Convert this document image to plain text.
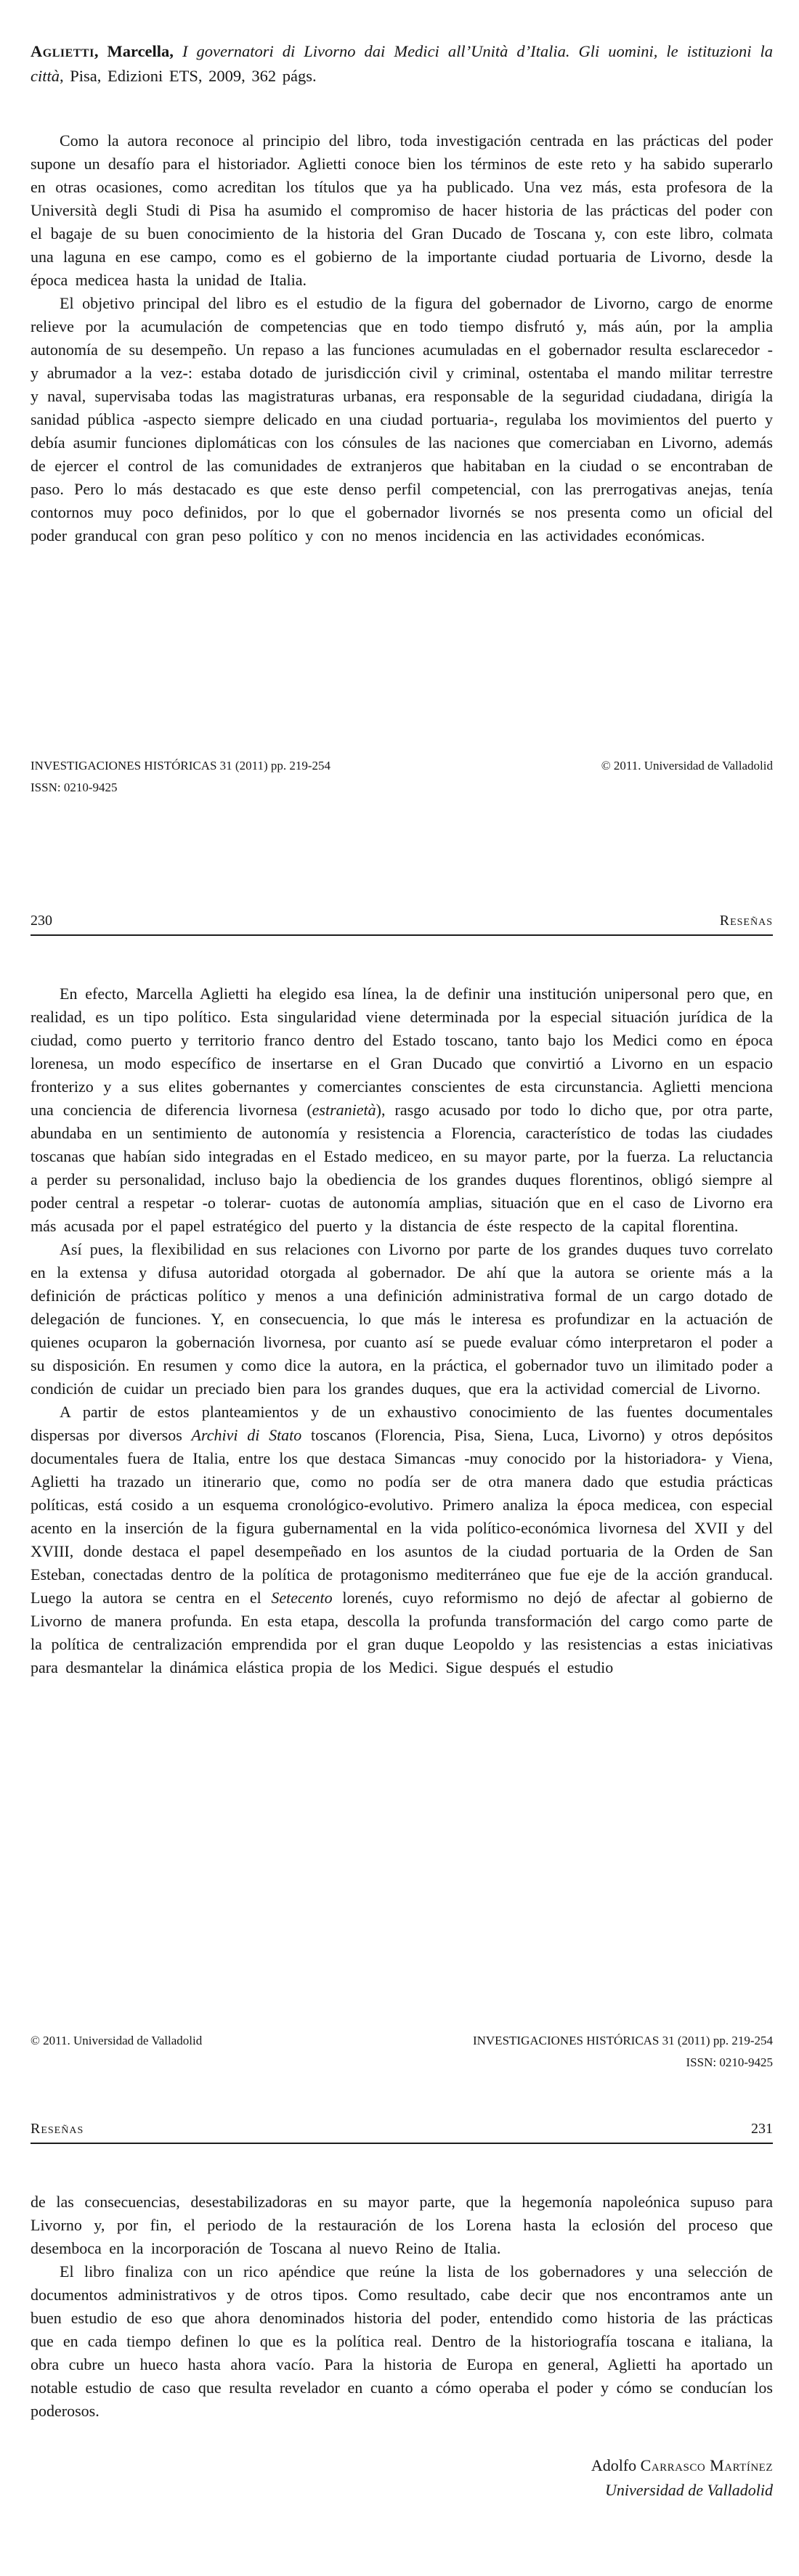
Aglietti, Marcella, I governatori di Livorno dai Medici all’Unità d’Italia. Gli uomini, le istituzioni la città, Pisa, Edizioni ETS, 2009, 362 págs.

Como la autora reconoce al principio del libro, toda investigación centrada en las prácticas del poder supone un desafío para el historiador. Aglietti conoce bien los términos de este reto y ha sabido superarlo en otras ocasiones, como acreditan los títulos que ya ha publicado. Una vez más, esta profesora de la Università degli Studi di Pisa ha asumido el compromiso de hacer historia de las prácticas del poder con el bagaje de su buen conocimiento de la historia del Gran Ducado de Toscana y, con este libro, colmata una laguna en ese campo, como es el gobierno de la importante ciudad portuaria de Livorno, desde la época medicea hasta la unidad de Italia.

El objetivo principal del libro es el estudio de la figura del gobernador de Livorno, cargo de enorme relieve por la acumulación de competencias que en todo tiempo disfrutó y, más aún, por la amplia autonomía de su desempeño. Un repaso a las funciones acumuladas en el gobernador resulta esclarecedor -y abrumador a la vez-: estaba dotado de jurisdicción civil y criminal, ostentaba el mando militar terrestre y naval, supervisaba todas las magistraturas urbanas, era responsable de la seguridad ciudadana, dirigía la sanidad pública -aspecto siempre delicado en una ciudad portuaria-, regulaba los movimientos del puerto y debía asumir funciones diplomáticas con los cónsules de las naciones que comerciaban en Livorno, además de ejercer el control de las comunidades de extranjeros que habitaban en la ciudad o se encontraban de paso. Pero lo más destacado es que este denso perfil competencial, con las prerrogativas anejas, tenía contornos muy poco definidos, por lo que el gobernador livornés se nos presenta como un oficial del poder granducal con gran peso político y con no menos incidencia en las actividades económicas.

INVESTIGACIONES HISTÓRICAS 31 (2011) pp. 219-254
ISSN: 0210-9425
© 2011. Universidad de Valladolid
230	Reseñas

En efecto, Marcella Aglietti ha elegido esa línea, la de definir una institución unipersonal pero que, en realidad, es un tipo político. Esta singularidad viene determinada por la especial situación jurídica de la ciudad, como puerto y territorio franco dentro del Estado toscano, tanto bajo los Medici como en época lorenesa, un modo específico de insertarse en el Gran Ducado que convirtió a Livorno en un espacio fronterizo y a sus elites gobernantes y comerciantes conscientes de esta circunstancia. Aglietti menciona una conciencia de diferencia livornesa (estranietà), rasgo acusado por todo lo dicho que, por otra parte, abundaba en un sentimiento de autonomía y resistencia a Florencia, característico de todas las ciudades toscanas que habían sido integradas en el Estado mediceo, en su mayor parte, por la fuerza. La reluctancia a perder su personalidad, incluso bajo la obediencia de los grandes duques florentinos, obligó siempre al poder central a respetar -o tolerar- cuotas de autonomía amplias, situación que en el caso de Livorno era más acusada por el papel estratégico del puerto y la distancia de éste respecto de la capital florentina.

Así pues, la flexibilidad en sus relaciones con Livorno por parte de los grandes duques tuvo correlato en la extensa y difusa autoridad otorgada al gobernador. De ahí que la autora se oriente más a la definición de prácticas político y menos a una definición administrativa formal de un cargo dotado de delegación de funciones. Y, en consecuencia, lo que más le interesa es profundizar en la actuación de quienes ocuparon la gobernación livornesa, por cuanto así se puede evaluar cómo interpretaron el poder a su disposición. En resumen y como dice la autora, en la práctica, el gobernador tuvo un ilimitado poder a condición de cuidar un preciado bien para los grandes duques, que era la actividad comercial de Livorno.

A partir de estos planteamientos y de un exhaustivo conocimiento de las fuentes documentales dispersas por diversos Archivi di Stato toscanos (Florencia, Pisa, Siena, Luca, Livorno) y otros depósitos documentales fuera de Italia, entre los que destaca Simancas -muy conocido por la historiadora- y Viena, Aglietti ha trazado un itinerario que, como no podía ser de otra manera dado que estudia prácticas políticas, está cosido a un esquema cronológico-evolutivo. Primero analiza la época medicea, con especial acento en la inserción de la figura gubernamental en la vida político-económica livornesa del XVII y del XVIII, donde destaca el papel desempeñado en los asuntos de la ciudad portuaria de la Orden de San Esteban, conectadas dentro de la política de protagonismo mediterráneo que fue eje de la acción granducal. Luego la autora se centra en el Setecento lorenés, cuyo reformismo no dejó de afectar al gobierno de Livorno de manera profunda. En esta etapa, descolla la profunda transformación del cargo como parte de la política de centralización emprendida por el gran duque Leopoldo y las resistencias a estas iniciativas para desmantelar la dinámica elástica propia de los Medici. Sigue después el estudio

© 2011. Universidad de Valladolid	INVESTIGACIONES HISTÓRICAS 31 (2011) pp. 219-254
ISSN: 0210-9425
Reseñas	231

de las consecuencias, desestabilizadoras en su mayor parte, que la hegemonía napoleónica supuso para Livorno y, por fin, el periodo de la restauración de los Lorena hasta la eclosión del proceso que desemboca en la incorporación de Toscana al nuevo Reino de Italia.

El libro finaliza con un rico apéndice que reúne la lista de los gobernadores y una selección de documentos administrativos y de otros tipos. Como resultado, cabe decir que nos encontramos ante un buen estudio de eso que ahora denominados historia del poder, entendido como historia de las prácticas que en cada tiempo definen lo que es la política real. Dentro de la historiografía toscana e italiana, la obra cubre un hueco hasta ahora vacío. Para la historia de Europa en general, Aglietti ha aportado un notable estudio de caso que resulta revelador en cuanto a cómo operaba el poder y cómo se conducían los poderosos.

Adolfo Carrasco Martínez
Universidad de Valladolid
